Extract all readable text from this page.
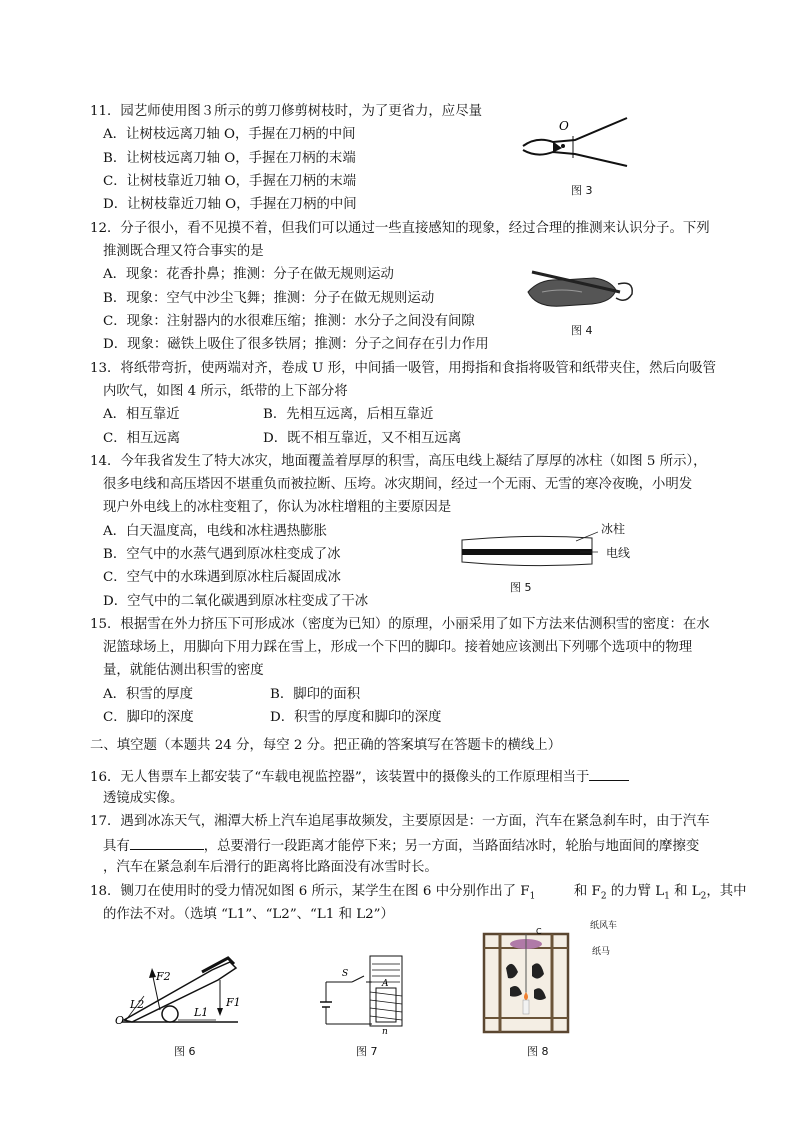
11．园艺师使用图３所示的剪刀修剪树枝时，为了更省力，应尽量
A．让树枝远离刀轴 O，手握在刀柄的中间
B．让树枝远离刀轴 O，手握在刀柄的末端
C．让树枝靠近刀轴 O，手握在刀柄的末端
D．让树枝靠近刀轴 O，手握在刀柄的中间
O
图 3
12．分子很小，看不见摸不着，但我们可以通过一些直接感知的现象，经过合理的推测来认识分子。下列
推测既合理又符合事实的是
A．现象：花香扑鼻；推测：分子在做无规则运动
B．现象：空气中沙尘飞舞；推测：分子在做无规则运动
C．现象：注射器内的水很难压缩；推测：水分子之间没有间隙
D．现象：磁铁上吸住了很多铁屑；推测：分子之间存在引力作用
图 4
13．将纸带弯折，使两端对齐，卷成 U 形，中间插一吸管，用拇指和食指将吸管和纸带夹住，然后向吸管
内吹气，如图 4 所示，纸带的上下部分将
A．相互靠近	B．先相互远离，后相互靠近
C．相互远离	D．既不相互靠近，又不相互远离
14．今年我省发生了特大冰灾，地面覆盖着厚厚的积雪，高压电线上凝结了厚厚的冰柱（如图 5 所示），
很多电线和高压塔因不堪重负而被拉断、压垮。冰灾期间，经过一个无雨、无雪的寒冷夜晚，小明发
现户外电线上的冰柱变粗了，你认为冰柱增粗的主要原因是
A．白天温度高，电线和冰柱遇热膨胀
B．空气中的水蒸气遇到原冰柱变成了冰
C．空气中的水珠遇到原冰柱后凝固成冰
D．空气中的二氧化碳遇到原冰柱变成了干冰
冰柱
电线
图 5
15．根据雪在外力挤压下可形成冰（密度为已知）的原理，小丽采用了如下方法来估测积雪的密度：在水
泥篮球场上，用脚向下用力踩在雪上，形成一个下凹的脚印。接着她应该测出下列哪个选项中的物理
量，就能估测出积雪的密度
A．积雪的厚度	B．脚印的面积
C．脚印的深度	D．积雪的厚度和脚印的深度
二、填空题（本题共 24 分，每空 2 分。把正确的答案填写在答题卡的横线上）
16．无人售票车上都安装了“车载电视监控器”，该装置中的摄像头的工作原理相当于
透镜成实像。
17．遇到冰冻天气，湘潭大桥上汽车追尾事故频发，主要原因是：一方面，汽车在紧急刹车时，由于汽车
具有	，总要滑行一段距离才能停下来；另一方面，当路面结冰时，轮胎与地面间的摩擦变
，汽车在紧急刹车后滑行的距离将比路面没有冰雪时长。
18．铡刀在使用时的受力情况如图 6 所示，某学生在图 6 中分别作出了 $F_1$	和 $F_2$ 的力臂 $L_1$ 和 $L_2$，其中
的作法不对。（选填 “L1”、“L2”、“L1 和 L2”）
O
F2
F1
L2
L1
图 6
S
A
n
图 7
C
纸风车
纸马
图 8
